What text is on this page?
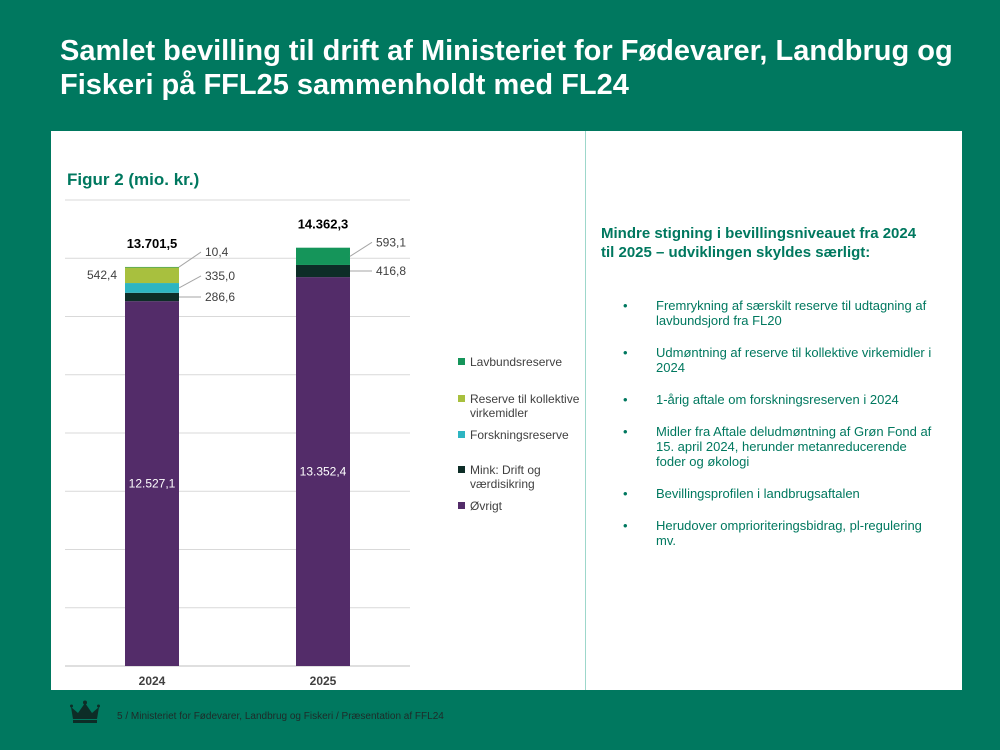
Samlet bevilling til drift af Ministeriet for Fødevarer, Landbrug og Fiskeri på FFL25 sammenholdt med FL24
Figur 2 (mio. kr.)
12.527,1
286,6
335,0
542,4
10,4
13.701,5
2024
13.352,4
416,8
593,1
14.362,3
2025
Lavbundsreserve
Reserve til kollektive virkemidler
Forskningsreserve
Mink: Drift og værdisikring
Øvrigt
Mindre stigning i bevillingsniveauet fra 2024 til 2025 – udviklingen skyldes særligt:
• Fremrykning af særskilt reserve til udtagning af lavbundsjord fra FL20
• Udmøntning af reserve til kollektive virkemidler i 2024
• 1-årig aftale om forskningsreserven i 2024
• Midler fra Aftale deludmøntning af Grøn Fond af 15. april 2024, herunder metanreducerende foder og økologi
• Bevillingsprofilen i landbrugsaftalen
• Herudover omprioriteringsbidrag, pl-regulering mv.
5 / Ministeriet for Fødevarer, Landbrug og Fiskeri / Præsentation af FFL24
